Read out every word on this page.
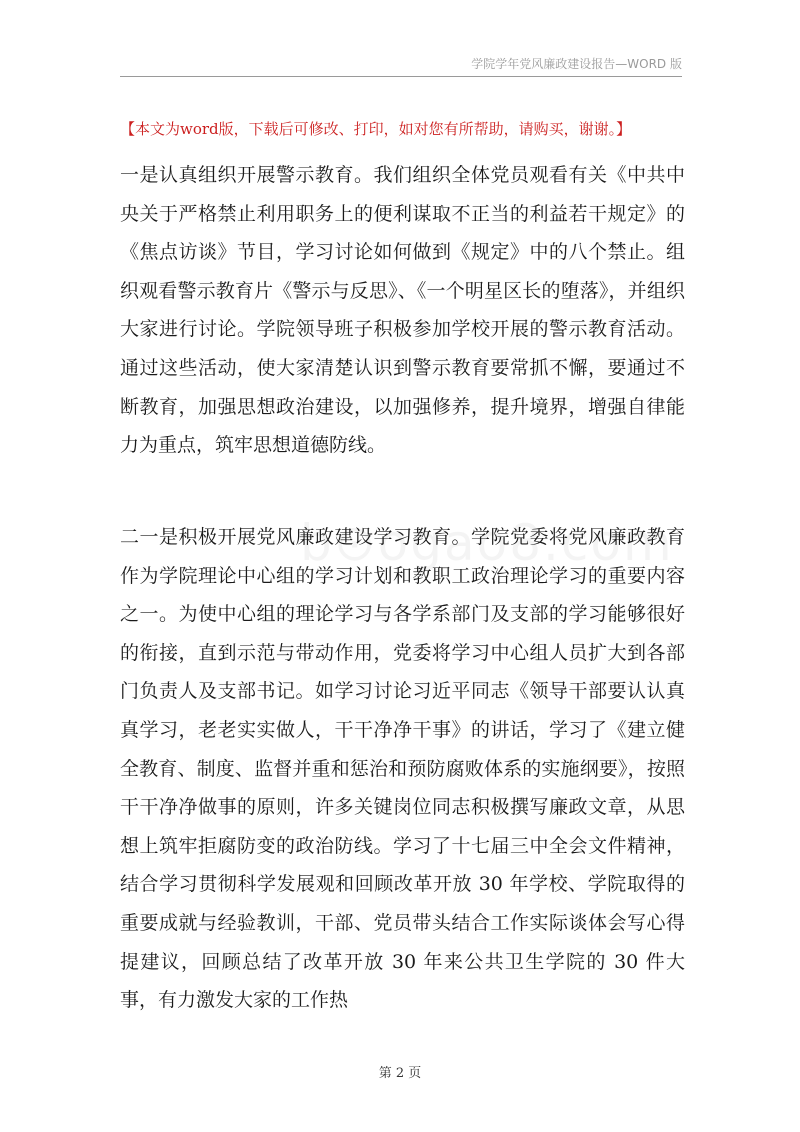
学院学年党风廉政建设报告—WORD 版
【本文为word版，下载后可修改、打印，如对您有所帮助，请购买，谢谢。】

一是认真组织开展警示教育。我们组织全体党员观看有关《中共中央关于严格禁止利用职务上的便利谋取不正当的利益若干规定》的《焦点访谈》节目，学习讨论如何做到《规定》中的八个禁止。组织观看警示教育片《警示与反思》、《一个明星区长的堕落》，并组织大家进行讨论。学院领导班子积极参加学校开展的警示教育活动。通过这些活动，使大家清楚认识到警示教育要常抓不懈，要通过不断教育，加强思想政治建设，以加强修养，提升境界，增强自律能力为重点，筑牢思想道德防线。

二一是积极开展党风廉政建设学习教育。学院党委将党风廉政教育作为学院理论中心组的学习计划和教职工政治理论学习的重要内容之一。为使中心组的理论学习与各学系部门及支部的学习能够很好的衔接，直到示范与带动作用，党委将学习中心组人员扩大到各部门负责人及支部书记。如学习讨论习近平同志《领导干部要认认真真学习，老老实实做人，干干净净干事》的讲话，学习了《建立健全教育、制度、监督并重和惩治和预防腐败体系的实施纲要》，按照干干净净做事的原则，许多关键岗位同志积极撰写廉政文章，从思想上筑牢拒腐防变的政治防线。学习了十七届三中全会文件精神，结合学习贯彻科学发展观和回顾改革开放 30 年学校、学院取得的重要成就与经验教训，干部、党员带头结合工作实际谈体会写心得提建议，回顾总结了改革开放 30 年来公共卫生学院的 30 件大事，有力激发大家的工作热

第 2 页
